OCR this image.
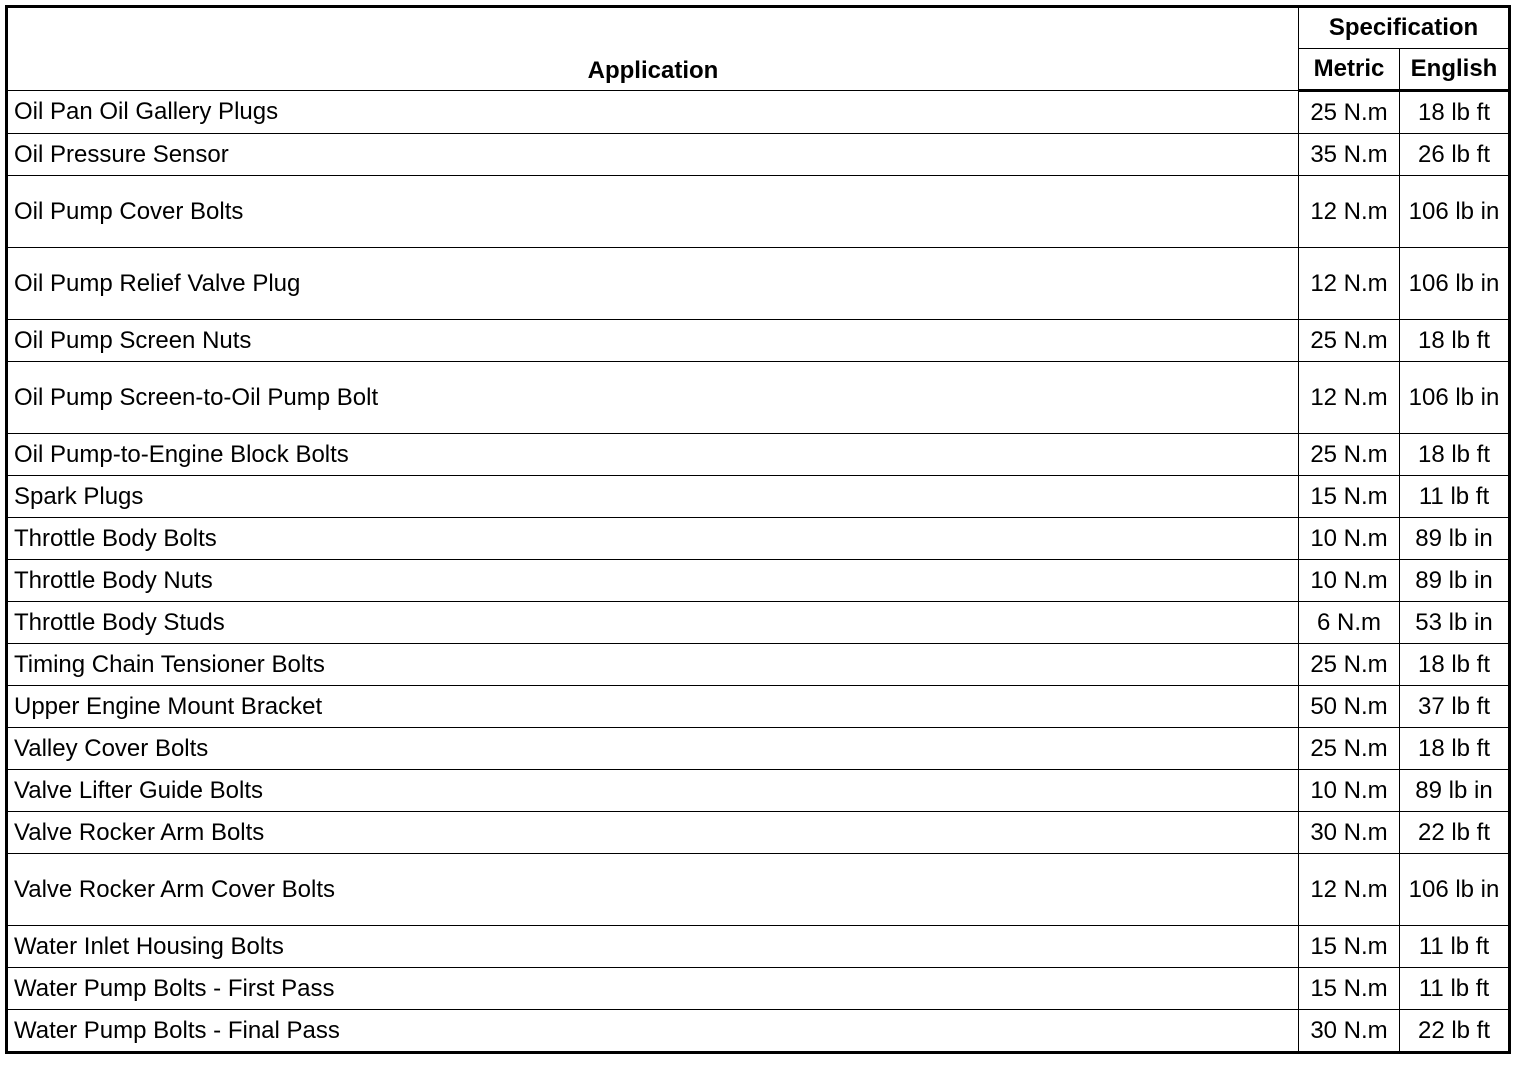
Application	Specification	
	Metric	English
Oil Pan Oil Gallery Plugs	25 N.m	18 lb ft
Oil Pressure Sensor	35 N.m	26 lb ft
Oil Pump Cover Bolts	12 N.m	106 lb in
Oil Pump Relief Valve Plug	12 N.m	106 lb in
Oil Pump Screen Nuts	25 N.m	18 lb ft
Oil Pump Screen-to-Oil Pump Bolt	12 N.m	106 lb in
Oil Pump-to-Engine Block Bolts	25 N.m	18 lb ft
Spark Plugs	15 N.m	11 lb ft
Throttle Body Bolts	10 N.m	89 lb in
Throttle Body Nuts	10 N.m	89 lb in
Throttle Body Studs	6 N.m	53 lb in
Timing Chain Tensioner Bolts	25 N.m	18 lb ft
Upper Engine Mount Bracket	50 N.m	37 lb ft
Valley Cover Bolts	25 N.m	18 lb ft
Valve Lifter Guide Bolts	10 N.m	89 lb in
Valve Rocker Arm Bolts	30 N.m	22 lb ft
Valve Rocker Arm Cover Bolts	12 N.m	106 lb in
Water Inlet Housing Bolts	15 N.m	11 lb ft
Water Pump Bolts - First Pass	15 N.m	11 lb ft
Water Pump Bolts - Final Pass	30 N.m	22 lb ft
